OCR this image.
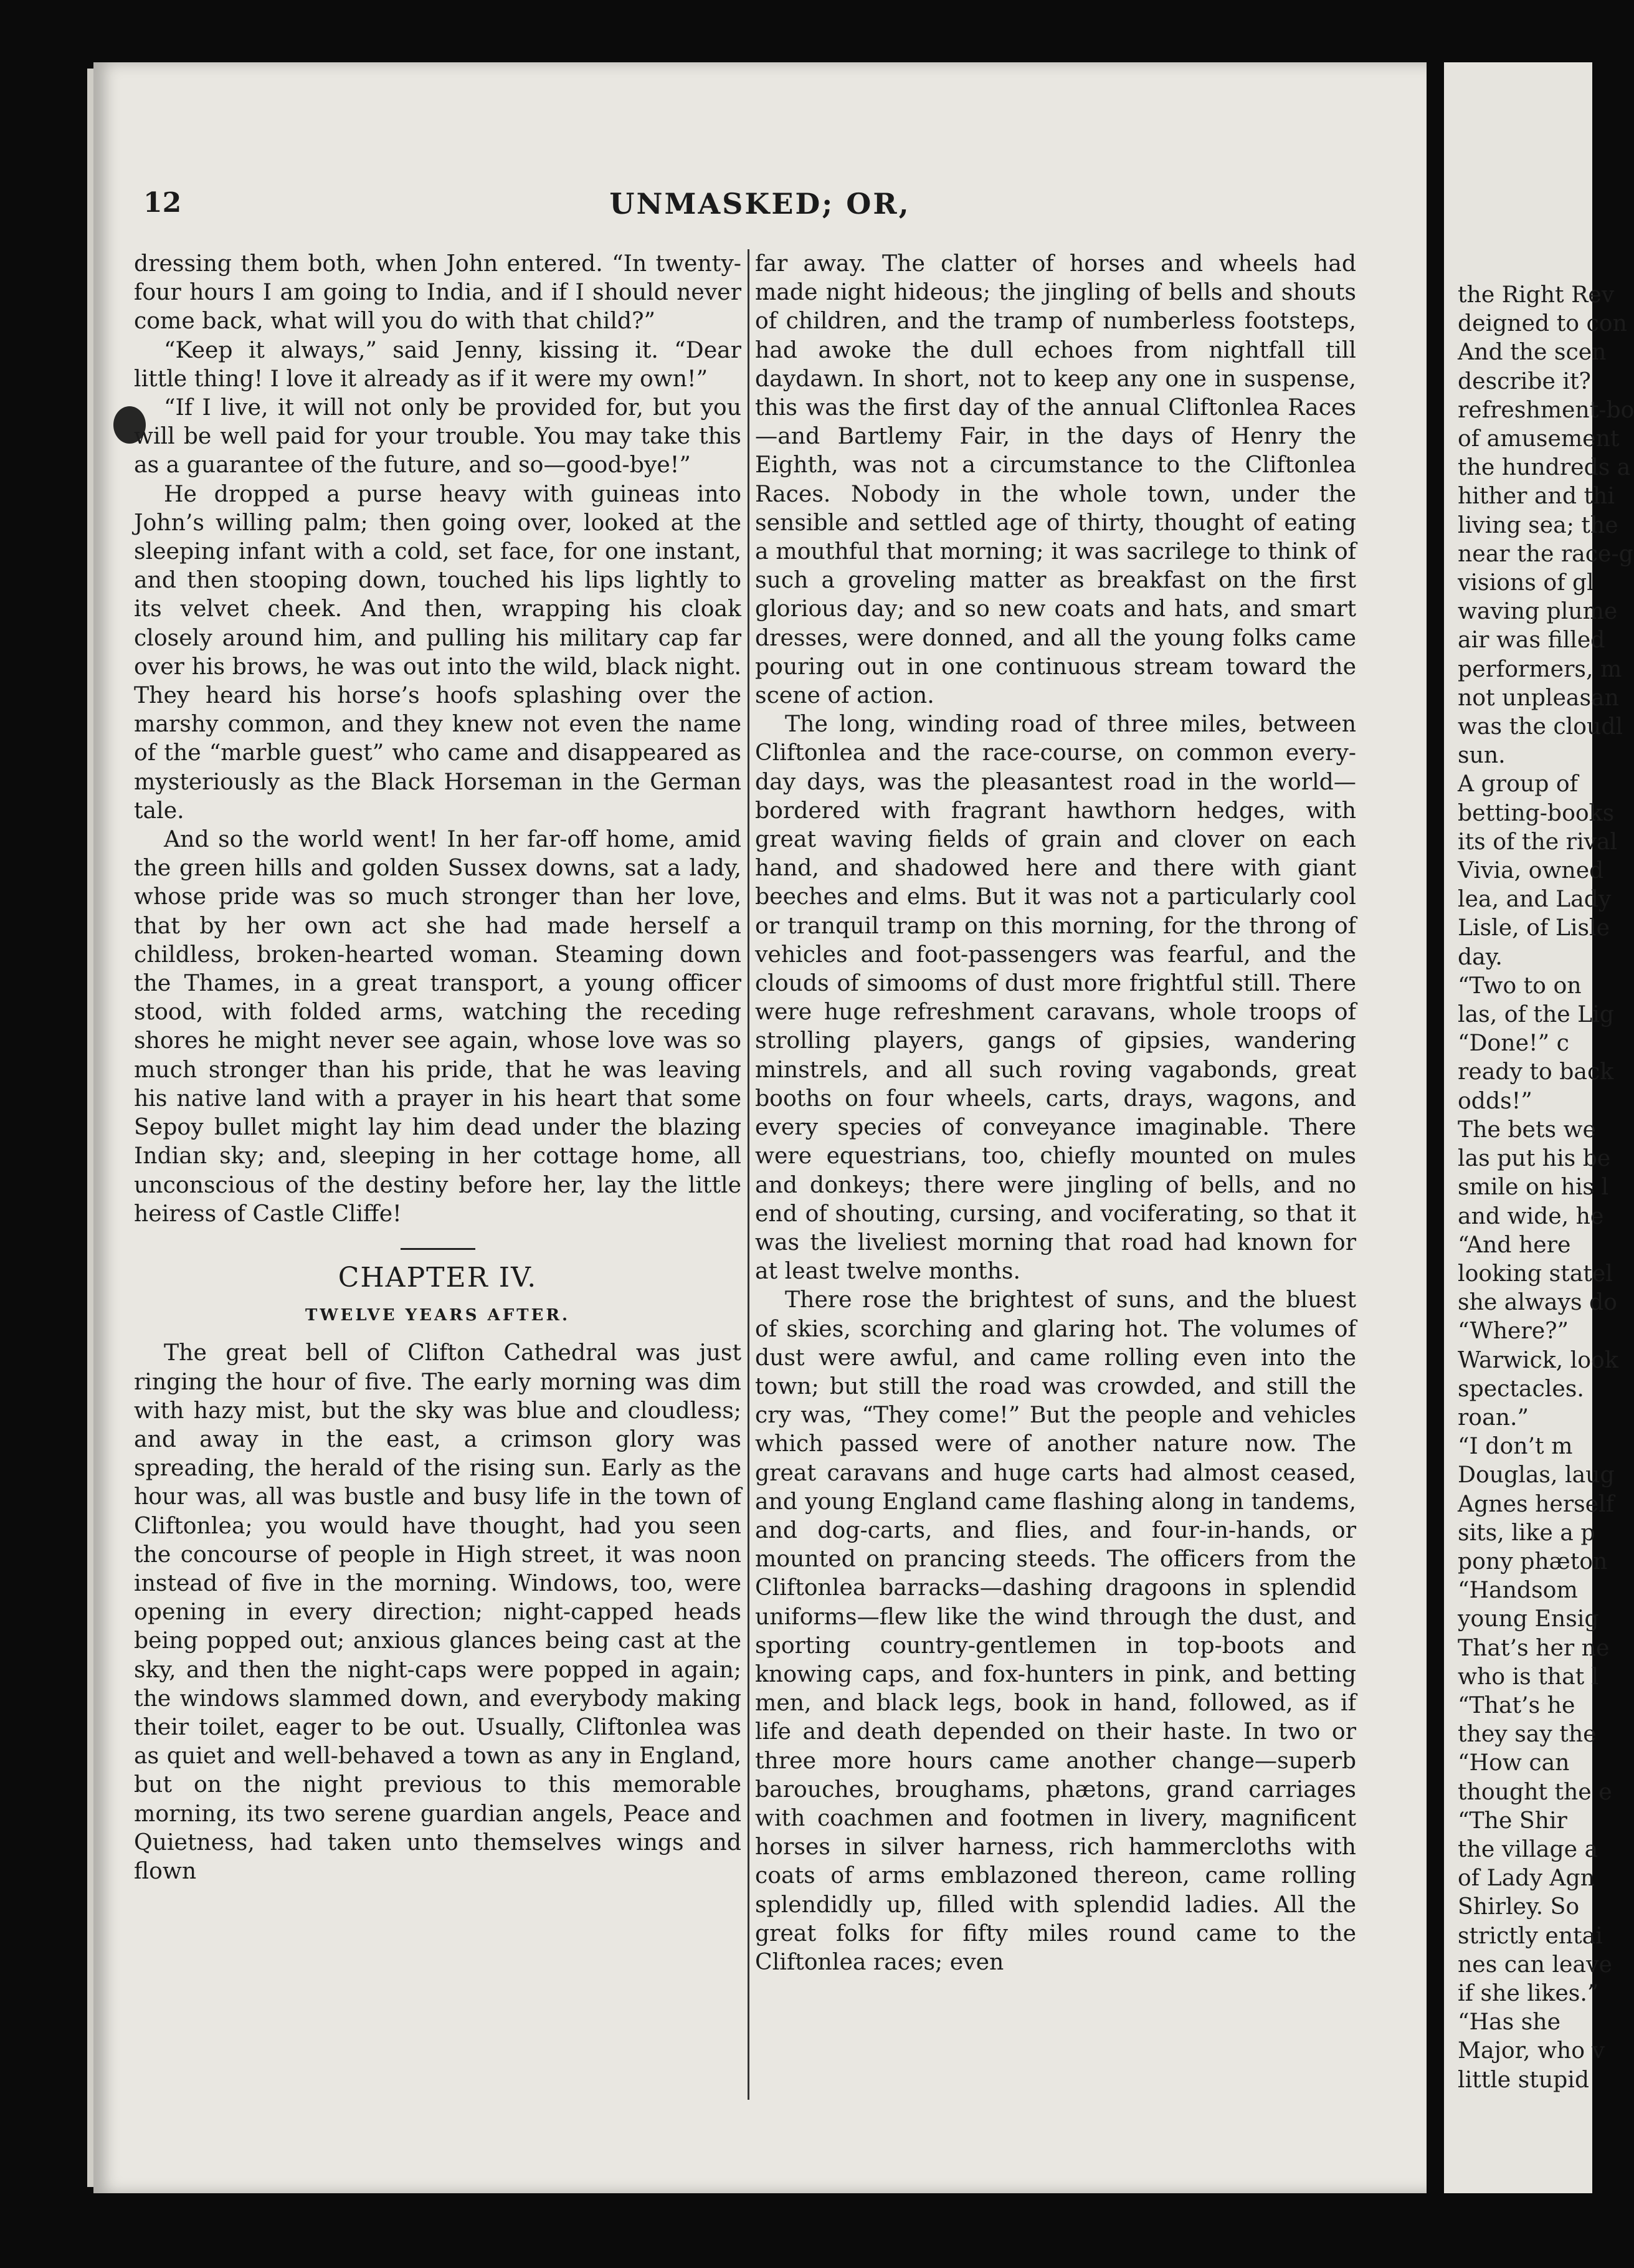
12	UNMASKED; OR,

dressing them both, when John entered. “In twenty-four hours I am going to India, and if I should never come back, what will you do with that child?”

“Keep it always,” said Jenny, kissing it. “Dear little thing! I love it already as if it were my own!”

“If I live, it will not only be provided for, but you will be well paid for your trouble. You may take this as a guarantee of the future, and so—good-bye!”

He dropped a purse heavy with guineas into John’s willing palm; then going over, looked at the sleeping infant with a cold, set face, for one instant, and then stooping down, touched his lips lightly to its velvet cheek. And then, wrapping his cloak closely around him, and pulling his military cap far over his brows, he was out into the wild, black night. They heard his horse’s hoofs splashing over the marshy common, and they knew not even the name of the “marble guest” who came and disappeared as mysteriously as the Black Horseman in the German tale.

And so the world went! In her far-off home, amid the green hills and golden Sussex downs, sat a lady, whose pride was so much stronger than her love, that by her own act she had made herself a childless, broken-hearted woman. Steaming down the Thames, in a great transport, a young officer stood, with folded arms, watching the receding shores he might never see again, whose love was so much stronger than his pride, that he was leaving his native land with a prayer in his heart that some Sepoy bullet might lay him dead under the blazing Indian sky; and, sleeping in her cottage home, all unconscious of the destiny before her, lay the little heiress of Castle Cliffe!

CHAPTER IV.
TWELVE YEARS AFTER.

The great bell of Clifton Cathedral was just ringing the hour of five. The early morning was dim with hazy mist, but the sky was blue and cloudless; and away in the east, a crimson glory was spreading, the herald of the rising sun. Early as the hour was, all was bustle and busy life in the town of Cliftonlea; you would have thought, had you seen the concourse of people in High street, it was noon instead of five in the morning. Windows, too, were opening in every direction; night-capped heads being popped out; anxious glances being cast at the sky, and then the night-caps were popped in again; the windows slammed down, and everybody making their toilet, eager to be out. Usually, Cliftonlea was as quiet and well-behaved a town as any in England, but on the night previous to this memorable morning, its two serene guardian angels, Peace and Quietness, had taken unto themselves wings and flown

far away. The clatter of horses and wheels had made night hideous; the jingling of bells and shouts of children, and the tramp of numberless footsteps, had awoke the dull echoes from nightfall till daydawn. In short, not to keep any one in suspense, this was the first day of the annual Cliftonlea Races—and Bartlemy Fair, in the days of Henry the Eighth, was not a circumstance to the Cliftonlea Races. Nobody in the whole town, under the sensible and settled age of thirty, thought of eating a mouthful that morning; it was sacrilege to think of such a groveling matter as breakfast on the first glorious day; and so new coats and hats, and smart dresses, were donned, and all the young folks came pouring out in one continuous stream toward the scene of action.

The long, winding road of three miles, between Cliftonlea and the race-course, on common every-day days, was the pleasantest road in the world—bordered with fragrant hawthorn hedges, with great waving fields of grain and clover on each hand, and shadowed here and there with giant beeches and elms. But it was not a particularly cool or tranquil tramp on this morning, for the throng of vehicles and foot-passengers was fearful, and the clouds of simooms of dust more frightful still. There were huge refreshment caravans, whole troops of strolling players, gangs of gipsies, wandering minstrels, and all such roving vagabonds, great booths on four wheels, carts, drays, wagons, and every species of conveyance imaginable. There were equestrians, too, chiefly mounted on mules and donkeys; there were jingling of bells, and no end of shouting, cursing, and vociferating, so that it was the liveliest morning that road had known for at least twelve months.

There rose the brightest of suns, and the bluest of skies, scorching and glaring hot. The volumes of dust were awful, and came rolling even into the town; but still the road was crowded, and still the cry was, “They come!” But the people and vehicles which passed were of another nature now. The great caravans and huge carts had almost ceased, and young England came flashing along in tandems, and dog-carts, and flies, and four-in-hands, or mounted on prancing steeds. The officers from the Cliftonlea barracks—dashing dragoons in splendid uniforms—flew like the wind through the dust, and sporting country-gentlemen in top-boots and knowing caps, and fox-hunters in pink, and betting men, and black legs, book in hand, followed, as if life and death depended on their haste. In two or three more hours came another change—superb barouches, broughams, phætons, grand carriages with coachmen and footmen in livery, magnificent horses in silver harness, rich hammercloths with coats of arms emblazoned thereon, came rolling splendidly up, filled with splendid ladies. All the great folks for fifty miles round came to the Cliftonlea races; even

the Right Rev
deigned to con
And the scen
describe it?
refreshment-bo
of amusement
the hundreds a
hither and thi
living sea; the
near the race-g
visions of gl
waving plume
air was filled
performers, m
not unpleasan
was the cloudl
sun.
A group of
betting-books
its of the rival
Vivia, owned
lea, and Lady
Lisle, of Lisle
day.
“Two to on
las, of the Lig
“Done!” c
ready to back
odds!”
The bets we
las put his be
smile on his l
and wide, he
“And here
looking statel
she always do
“Where?”
Warwick, look
spectacles.
roan.”
“I don’t m
Douglas, laug
Agnes herself
sits, like a p
pony phæton
“Handsom
young Ensig
That’s her ne
who is that l
“That’s he
they say the
“How can
thought the e
“The Shir
the village a
of Lady Agn
Shirley. So
strictly entai
nes can leave
if she likes.”
“Has she
Major, who v
little stupid
